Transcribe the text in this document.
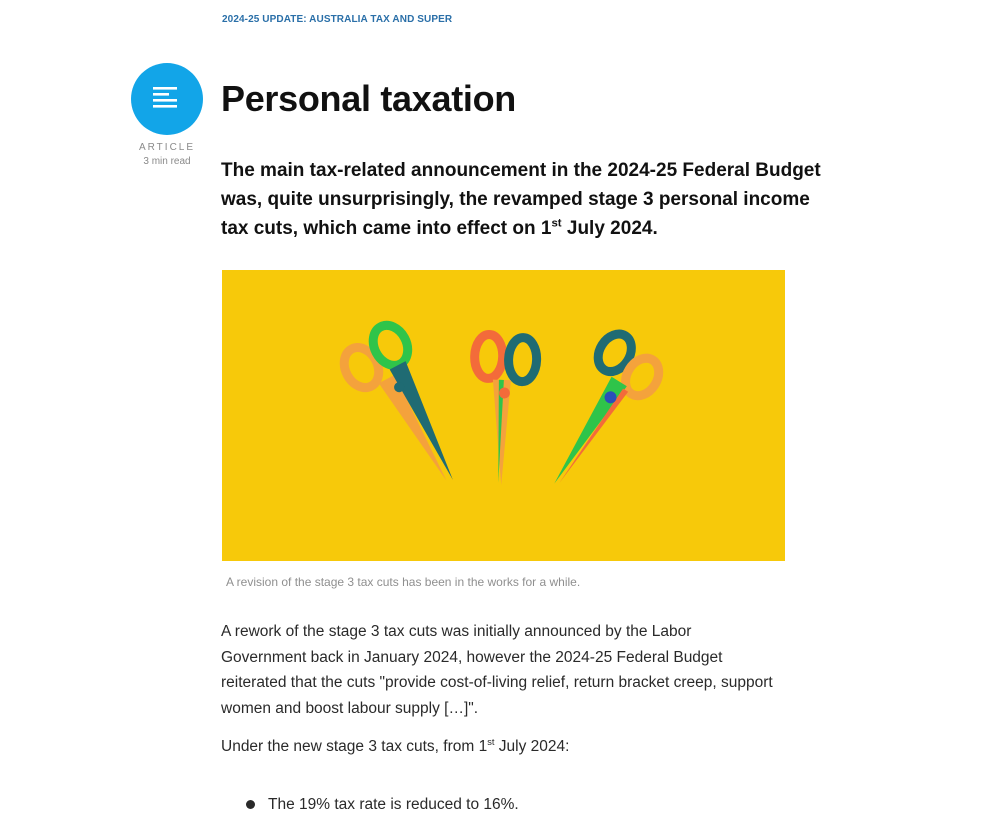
2024-25 UPDATE: AUSTRALIA TAX AND SUPER
ARTICLE
3 min read
Personal taxation

The main tax-related announcement in the 2024-25 Federal Budget was, quite unsurprisingly, the revamped stage 3 personal income tax cuts, which came into effect on 1st July 2024.

A revision of the stage 3 tax cuts has been in the works for a while.

A rework of the stage 3 tax cuts was initially announced by the Labor Government back in January 2024, however the 2024-25 Federal Budget reiterated that the cuts "provide cost-of-living relief, return bracket creep, support women and boost labour supply […]".

Under the new stage 3 tax cuts, from 1st July 2024:

The 19% tax rate is reduced to 16%.
